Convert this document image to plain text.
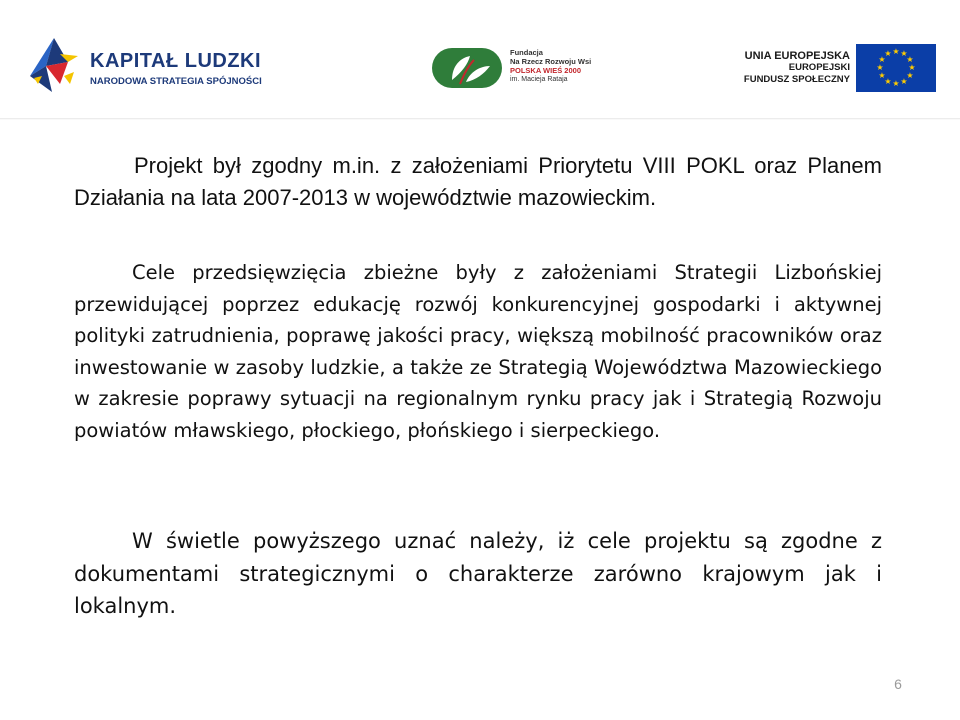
KAPITAŁ LUDZKI
NARODOWA STRATEGIA SPÓJNOŚCI
Fundacja
Na Rzecz Rozwoju Wsi
POLSKA WIEŚ 2000
im. Macieja Rataja
UNIA EUROPEJSKA
EUROPEJSKI
FUNDUSZ SPOŁECZNY
★ ★
★
★
★
★
★
★
★
★
★
★

Projekt był zgodny m.in. z założeniami Priorytetu VIII POKL oraz Planem Działania na lata 2007-2013 w województwie mazowieckim.

Cele przedsięwzięcia zbieżne były z założeniami Strategii Lizbońskiej przewidującej poprzez edukację rozwój konkurencyjnej gospodarki i aktywnej polityki zatrudnienia, poprawę jakości pracy, większą mobilność pracowników oraz inwestowanie w zasoby ludzkie, a także ze Strategią Województwa Mazowieckiego w zakresie poprawy sytuacji na regionalnym rynku pracy jak i Strategią Rozwoju powiatów mławskiego, płockiego, płońskiego i sierpeckiego.

W świetle powyższego uznać należy, iż cele projektu są zgodne z dokumentami strategicznymi o charakterze zarówno krajowym jak i lokalnym.

6
